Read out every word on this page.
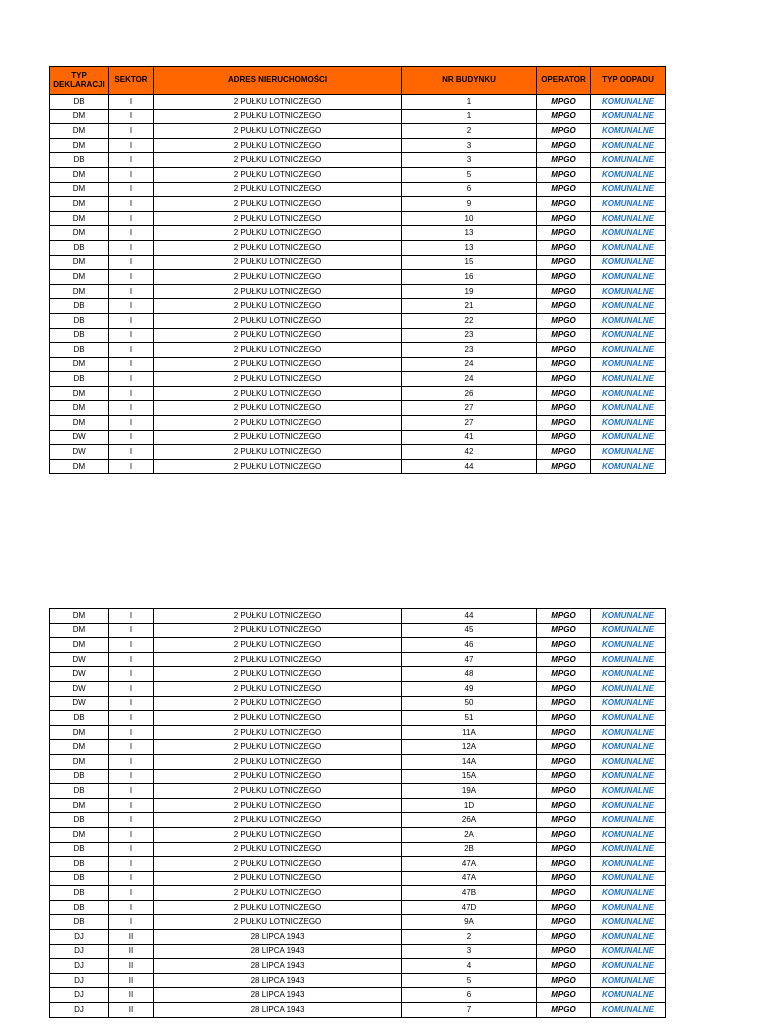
TYP DEKLARACJI	SEKTOR	ADRES NIERUCHOMOŚCI	NR BUDYNKU	OPERATOR	TYP ODPADU
DB	I	2 PUŁKU LOTNICZEGO	1	MPGO	KOMUNALNE
DM	I	2 PUŁKU LOTNICZEGO	1	MPGO	KOMUNALNE
DM	I	2 PUŁKU LOTNICZEGO	2	MPGO	KOMUNALNE
DM	I	2 PUŁKU LOTNICZEGO	3	MPGO	KOMUNALNE
DB	I	2 PUŁKU LOTNICZEGO	3	MPGO	KOMUNALNE
DM	I	2 PUŁKU LOTNICZEGO	5	MPGO	KOMUNALNE
DM	I	2 PUŁKU LOTNICZEGO	6	MPGO	KOMUNALNE
DM	I	2 PUŁKU LOTNICZEGO	9	MPGO	KOMUNALNE
DM	I	2 PUŁKU LOTNICZEGO	10	MPGO	KOMUNALNE
DM	I	2 PUŁKU LOTNICZEGO	13	MPGO	KOMUNALNE
DB	I	2 PUŁKU LOTNICZEGO	13	MPGO	KOMUNALNE
DM	I	2 PUŁKU LOTNICZEGO	15	MPGO	KOMUNALNE
DM	I	2 PUŁKU LOTNICZEGO	16	MPGO	KOMUNALNE
DM	I	2 PUŁKU LOTNICZEGO	19	MPGO	KOMUNALNE
DB	I	2 PUŁKU LOTNICZEGO	21	MPGO	KOMUNALNE
DB	I	2 PUŁKU LOTNICZEGO	22	MPGO	KOMUNALNE
DB	I	2 PUŁKU LOTNICZEGO	23	MPGO	KOMUNALNE
DB	I	2 PUŁKU LOTNICZEGO	23	MPGO	KOMUNALNE
DM	I	2 PUŁKU LOTNICZEGO	24	MPGO	KOMUNALNE
DB	I	2 PUŁKU LOTNICZEGO	24	MPGO	KOMUNALNE
DM	I	2 PUŁKU LOTNICZEGO	26	MPGO	KOMUNALNE
DM	I	2 PUŁKU LOTNICZEGO	27	MPGO	KOMUNALNE
DM	I	2 PUŁKU LOTNICZEGO	27	MPGO	KOMUNALNE
DW	I	2 PUŁKU LOTNICZEGO	41	MPGO	KOMUNALNE
DW	I	2 PUŁKU LOTNICZEGO	42	MPGO	KOMUNALNE
DM	I	2 PUŁKU LOTNICZEGO	44	MPGO	KOMUNALNE
DM	I	2 PUŁKU LOTNICZEGO	44	MPGO	KOMUNALNE
DM	I	2 PUŁKU LOTNICZEGO	45	MPGO	KOMUNALNE
DM	I	2 PUŁKU LOTNICZEGO	46	MPGO	KOMUNALNE
DW	I	2 PUŁKU LOTNICZEGO	47	MPGO	KOMUNALNE
DW	I	2 PUŁKU LOTNICZEGO	48	MPGO	KOMUNALNE
DW	I	2 PUŁKU LOTNICZEGO	49	MPGO	KOMUNALNE
DW	I	2 PUŁKU LOTNICZEGO	50	MPGO	KOMUNALNE
DB	I	2 PUŁKU LOTNICZEGO	51	MPGO	KOMUNALNE
DM	I	2 PUŁKU LOTNICZEGO	11A	MPGO	KOMUNALNE
DM	I	2 PUŁKU LOTNICZEGO	12A	MPGO	KOMUNALNE
DM	I	2 PUŁKU LOTNICZEGO	14A	MPGO	KOMUNALNE
DB	I	2 PUŁKU LOTNICZEGO	15A	MPGO	KOMUNALNE
DB	I	2 PUŁKU LOTNICZEGO	19A	MPGO	KOMUNALNE
DM	I	2 PUŁKU LOTNICZEGO	1D	MPGO	KOMUNALNE
DB	I	2 PUŁKU LOTNICZEGO	26A	MPGO	KOMUNALNE
DM	I	2 PUŁKU LOTNICZEGO	2A	MPGO	KOMUNALNE
DB	I	2 PUŁKU LOTNICZEGO	2B	MPGO	KOMUNALNE
DB	I	2 PUŁKU LOTNICZEGO	47A	MPGO	KOMUNALNE
DB	I	2 PUŁKU LOTNICZEGO	47A	MPGO	KOMUNALNE
DB	I	2 PUŁKU LOTNICZEGO	47B	MPGO	KOMUNALNE
DB	I	2 PUŁKU LOTNICZEGO	47D	MPGO	KOMUNALNE
DB	I	2 PUŁKU LOTNICZEGO	9A	MPGO	KOMUNALNE
DJ	II	28 LIPCA 1943	2	MPGO	KOMUNALNE
DJ	II	28 LIPCA 1943	3	MPGO	KOMUNALNE
DJ	II	28 LIPCA 1943	4	MPGO	KOMUNALNE
DJ	II	28 LIPCA 1943	5	MPGO	KOMUNALNE
DJ	II	28 LIPCA 1943	6	MPGO	KOMUNALNE
DJ	II	28 LIPCA 1943	7	MPGO	KOMUNALNE
